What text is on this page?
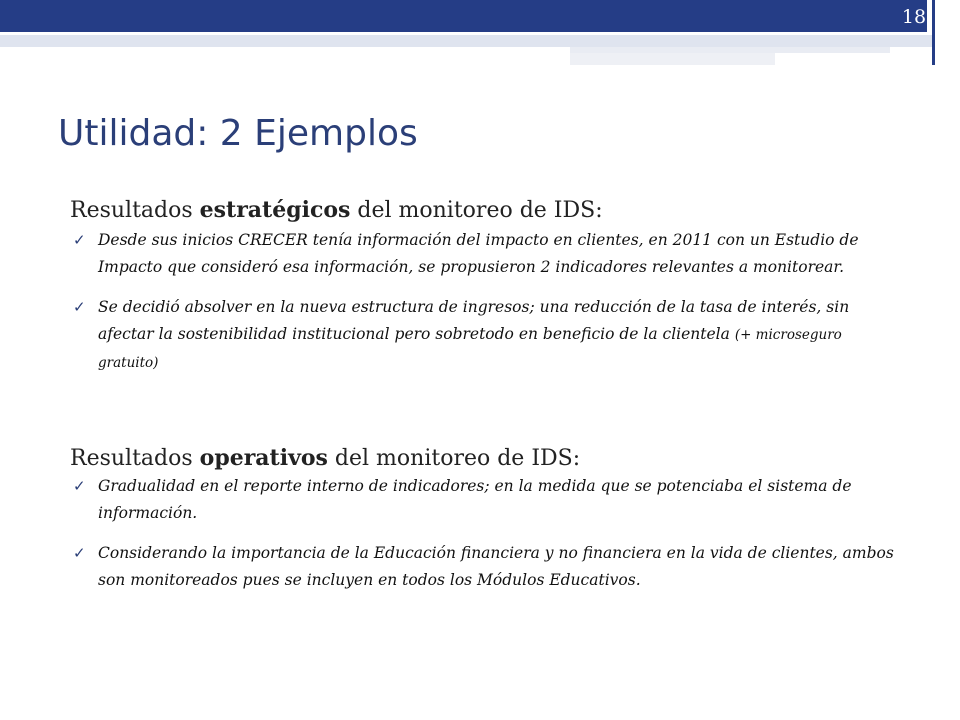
18
Utilidad: 2 Ejemplos

Resultados estratégicos del monitoreo de IDS:

✓ Desde sus inicios CRECER tenía información del impacto en clientes, en 2011 con un Estudio de Impacto que consideró esa información, se propusieron 2 indicadores relevantes a monitorear.
✓ Se decidió absolver en la nueva estructura de ingresos; una reducción de la tasa de interés, sin afectar la sostenibilidad institucional pero sobretodo en beneficio de la clientela (+ microseguro gratuito)

Resultados operativos del monitoreo de IDS:

✓ Gradualidad en el reporte interno de indicadores; en la medida que se potenciaba el sistema de información.
✓ Considerando la importancia de la Educación financiera y no financiera en la vida de clientes, ambos son monitoreados pues se incluyen en todos los Módulos Educativos.
